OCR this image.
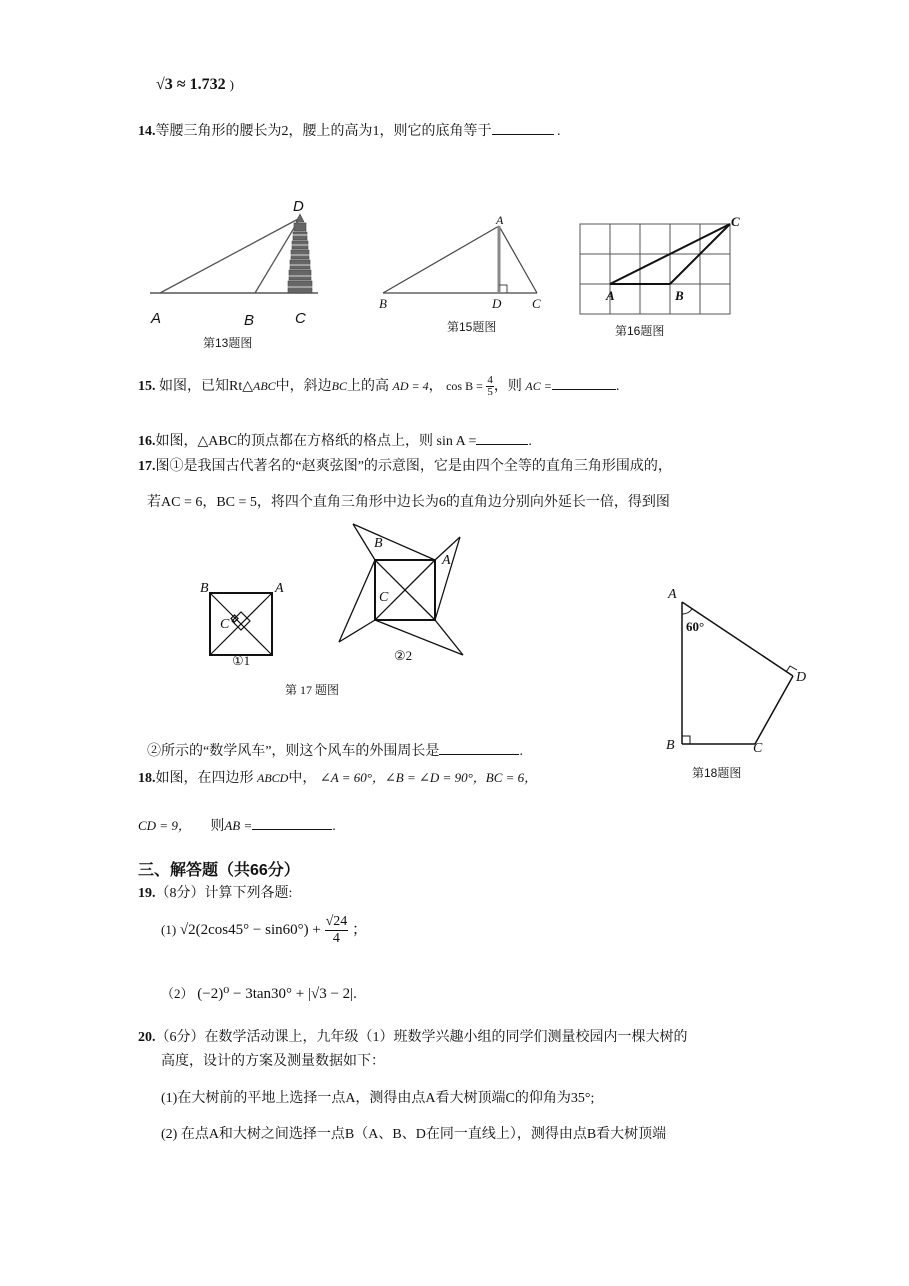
√3 ≈ 1.732 )
14.等腰三角形的腰长为2，腰上的高为1，则它的底角等于	.
A	B	C
D
第13题图
A
B	D C
第15题图
A	B
C
第16题图
15. 如图，已知Rt△ABC中，斜边BC上的高 AD = 4， $\cos B = \frac{4}{5}$ ，则 AC =	.
16.如图，△ABC的顶点都在方格纸的格点上，则 sin A =	.
17.图①是我国古代著名的“赵爽弦图”的示意图，它是由四个全等的直角三角形围成的，
若AC = 6，BC = 5，将四个直角三角形中边长为6的直角边分别向外延长一倍，得到图
B	A
C
①1
B
A
C
②2
第 17 题图
A
60°
D
B	C
第18题图
②所示的“数学风车”，则这个风车的外围周长是	.
18.如图，在四边形 ABCD中， ∠A = 60°，∠B = ∠D = 90°，BC = 6，
CD = 9， 则AB =	.
三、解答题（共66分）
19.（8分）计算下列各题:
(1) $√2(2\cos 45^\circ - \sin 60^\circ) + \frac{√24}{4}$ ；
（2） (−2)⁰ − 3tan30° + |√3 − 2|.
20.（6分）在数学活动课上，九年级（1）班数学兴趣小组的同学们测量校园内一棵大树的
高度，设计的方案及测量数据如下：
(1)在大树前的平地上选择一点A，测得由点A看大树顶端C的仰角为35°;
(2) 在点A和大树之间选择一点B（A、B、D在同一直线上），测得由点B看大树顶端
